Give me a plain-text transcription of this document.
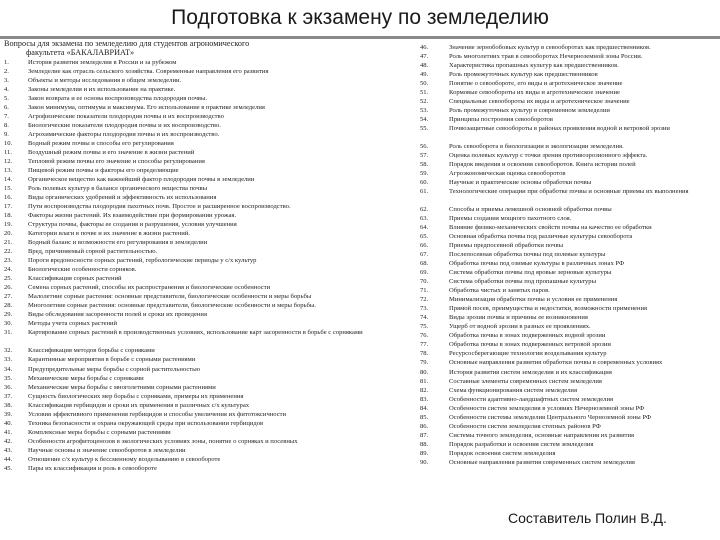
Подготовка к экзамену по земледелию
Вопросы для экзамена по земледелию для студентов агрономического
факультета «БАКАЛАВРИАТ»
1.	История развития земледелия в России и за рубежом
2.	Земледелие как отрасль сельского хозяйства. Современные направления его развития
3.	Объекты и методы исследования в общем земледелии.
4.	Законы земледелия и их использование на практике.
5.	Закон возврата и ее основа воспроизводства плодородия почвы.
6.	Закон минимума, оптимума и максимума. Его использование в практике земледелия
7.	Агрофизические показатели плодородия почвы и их воспроизводство
8.	Биологические показатели плодородия почвы и их воспроизводство.
9.	Агрохимические факторы плодородия почвы и их воспроизводство.
10.	Водный режим почвы и способы его регулирования
11.	Воздушный режим почвы и его значение в жизни растений
12.	Тепловой режим почвы его значение и способы регулирования
13.	Пищевой режим почвы и факторы его определяющие
14.	Органическое вещество как важнейший фактор плодородия почвы в земледелии
15.	Роль полевых культур в балансе органического вещества почвы
16.	Виды органических удобрений и эффективность их использования
17.	Пути воспроизводства плодородия пахотных почв. Простое и расширенное воспроизводство.
18.	Факторы жизни растений. Их взаимодействие при формировании урожая.
19.	Структура почвы, факторы ее создания и разрушения, условия улучшения
20.	Категории влаги в почве и их значение в жизни растений.
21.	Водный баланс и возможности его регулирования в земледелии
22.	Вред, причиняемый сорной растительностью.
23.	Пороги вредоносности сорных растений, гербологические периоды у с/х культур
24.	Биологические особенности сорняков.
25.	Классификация сорных растений
26.	Семена сорных растений, способы их распространения и биологические особенности
27.	Малолетние сорные растения: основные представители, биологические особенности и меры борьбы
28.	Многолетние сорные растения: основные представители, биологические особенности и меры борьбы.
29.	Виды обследования засоренности полей и сроки их проведения
30.	Методы учета сорных растений
31.	Картирование сорных растений в производственных условиях, использование карт засоренности в борьбе с сорняками
32.	Классификация методов борьбы с сорняками
33.	Карантинные мероприятия в борьбе с сорными растениями
34.	Предупредительные меры борьбы с сорной растительностью
35.	Механические меры борьбы с сорняками
36.	Механические меры борьбы с многолетними сорными растениями
37.	Сущность биологических мер борьбы с сорняками, примеры их применения
38.	Классификация гербицидов и сроки их применения в различных с/х культурах
39.	Условия эффективного применения гербицидов и способы увеличения их фитотоксичности
40.	Техника безопасности и охрана окружающей среды при использовании гербицидов
41.	Комплексные меры борьбы с сорными растениями
42.	Особенности агрофитоценозов в экологических условиях зоны, понятие о сорняках и посевных
43.	Научные основы и значение севооборотов в земледелии
44.	Отношение с/х культур к бессменному возделыванию в севообороте
45.	Пары их классификация и роль в севообороте
46.	Значение зернобобовых культур в севооборотах как предшественников.
47.	Роль многолетних трав в севооборотах Нечерноземной зоны России.
48.	Характеристика пропашных культур как предшественников.
49.	Роль промежуточных культур как предшественников
50.	Понятие о севообороте, его виды и агротехническое значение
51.	Кормовые севообороты их виды и агротехническое значение
52.	Специальные севообороты их виды и агротехническое значение
53.	Роль промежуточных культур в современном земледелии
54.	Принципы построения севооборотов
55.	Почвозащитные севообороты в районах проявления водной и ветровой эрозии
56.	Роль севооборота в биологизации и экологизации земледелия.
57.	Оценка полевых культур с точки зрения противоэрозионного эффекта.
58.	Порядок введения и освоения севооборотов. Книга истории полей
59.	Агроэкономическая оценка севооборотов
60.	Научные и практические основы обработки почвы
61.	Технологические операции при обработке почвы и основные приемы их выполнения
62.	Способы и приемы лемешной основной обработки почвы
63.	Приемы создания мощного пахотного слоя.
64.	Влияние физико-механических свойств почвы на качество ее обработки
65.	Основная обработка почвы под различные культуры севооборота
66.	Приемы предпосевной обработки почвы
67.	Послепосевная обработка почвы под полевые культуры
68.	Обработка почвы под озимые культуры в различных зонах РФ
69.	Система обработки почвы под яровые зерновые культуры
70.	Система обработки почвы под пропашные культуры
71.	Обработка чистых и занятых паров.
72.	Минимализация обработки почвы и условия ее применения
73.	Прямой посев, преимущества и недостатки, возможности применения
74.	Виды эрозии почвы и причины ее возникновения
75.	Ущерб от водной эрозии в разных ее проявлениях.
76.	Обработка почвы в зонах подверженных водной эрозии
77.	Обработка почвы в зонах подверженных ветровой эрозии
78.	Ресурсосберегающие технологии возделывания культур
79.	Основные направления развития обработки почвы в современных условиях
80.	История развития систем земледелия и их классификация
81.	Составные элементы современных систем земледелия
82.	Схема функционирования систем земледелия
83.	Особенности адаптивно-ландшафтных систем земледелия
84.	Особенности систем земледелия в условиях Нечерноземной зоны РФ
85.	Особенности системы земледелия Центрального Черноземной зоны РФ
86.	Особенности систем земледелия степных районов РФ
87.	Системы точного земледелия, основные направления их развития
88.	Порядок разработки и освоения систем земледелия
89.	Порядок освоения систем земледелия
90.	Основные направления развития современных систем земледелия
Составитель Полин В.Д.
